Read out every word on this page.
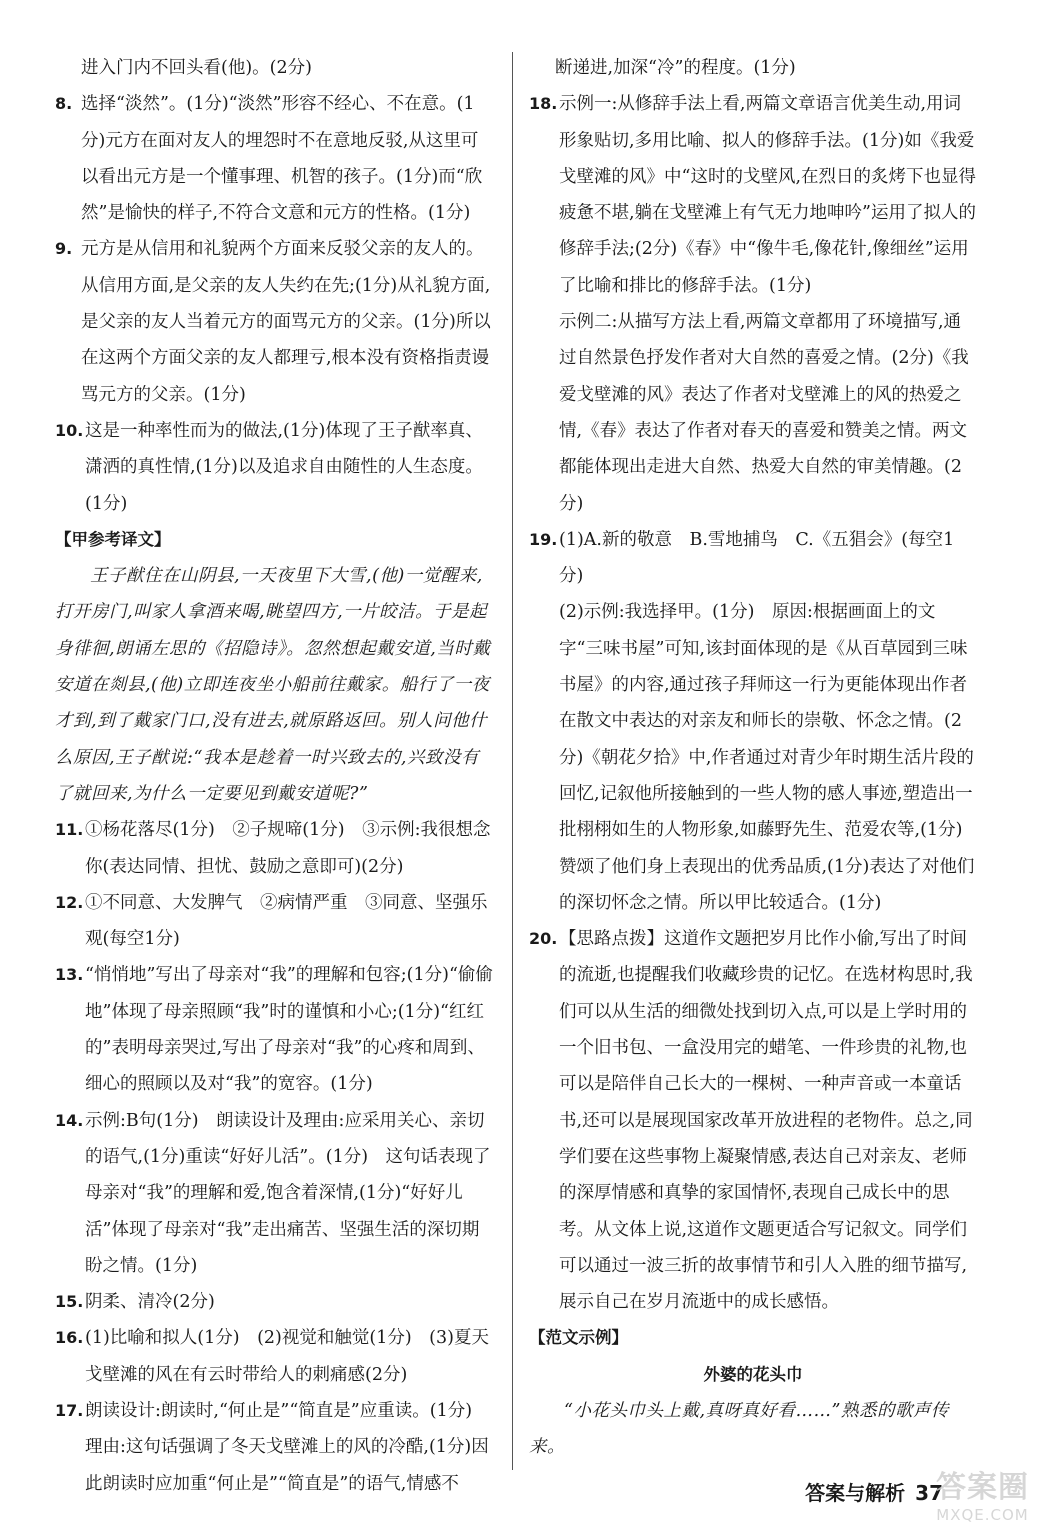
进入门内不回头看(他)。(2分)

8. 选择“淡然”。(1分)“淡然”形容不经心、不在意。(1分)元方在面对友人的埋怨时不在意地反驳,从这里可以看出元方是一个懂事理、机智的孩子。(1分)而“欣然”是愉快的样子,不符合文意和元方的性格。(1分)
9. 元方是从信用和礼貌两个方面来反驳父亲的友人的。从信用方面,是父亲的友人失约在先;(1分)从礼貌方面,是父亲的友人当着元方的面骂元方的父亲。(1分)所以在这两个方面父亲的友人都理亏,根本没有资格指责谩骂元方的父亲。(1分)
10. 这是一种率性而为的做法,(1分)体现了王子猷率真、潇洒的真性情,(1分)以及追求自由随性的人生态度。(1分)

【甲参考译文】

王子猷住在山阴县,一天夜里下大雪,(他)一觉醒来,打开房门,叫家人拿酒来喝,眺望四方,一片皎洁。于是起身徘徊,朗诵左思的《招隐诗》。忽然想起戴安道,当时戴安道在剡县,(他)立即连夜坐小船前往戴家。船行了一夜才到,到了戴家门口,没有进去,就原路返回。别人问他什么原因,王子猷说:“我本是趁着一时兴致去的,兴致没有了就回来,为什么一定要见到戴安道呢?”

11. ①杨花落尽(1分)　②子规啼(1分)　③示例:我很想念你(表达同情、担忧、鼓励之意即可)(2分)
12. ①不同意、大发脾气　②病情严重　③同意、坚强乐观(每空1分)
13. “悄悄地”写出了母亲对“我”的理解和包容;(1分)“偷偷地”体现了母亲照顾“我”时的谨慎和小心;(1分)“红红的”表明母亲哭过,写出了母亲对“我”的心疼和周到、细心的照顾以及对“我”的宽容。(1分)
14. 示例:B句(1分)　朗读设计及理由:应采用关心、亲切的语气,(1分)重读“好好儿活”。(1分)　这句话表现了母亲对“我”的理解和爱,饱含着深情,(1分)“好好儿活”体现了母亲对“我”走出痛苦、坚强生活的深切期盼之情。(1分)
15. 阴柔、清冷(2分)
16. (1)比喻和拟人(1分)　(2)视觉和触觉(1分)　(3)夏天戈壁滩的风在有云时带给人的刺痛感(2分)
17. 朗读设计:朗读时,“何止是”“简直是”应重读。(1分)
理由:这句话强调了冬天戈壁滩上的风的冷酷,(1分)因此朗读时应加重“何止是”“简直是”的语气,情感不

断递进,加深“冷”的程度。(1分)

18. 示例一:从修辞手法上看,两篇文章语言优美生动,用词形象贴切,多用比喻、拟人的修辞手法。(1分)如《我爱戈壁滩的风》中“这时的戈壁风,在烈日的炙烤下也显得疲惫不堪,躺在戈壁滩上有气无力地呻吟”运用了拟人的修辞手法;(2分)《春》中“像牛毛,像花针,像细丝”运用了比喻和排比的修辞手法。(1分)
示例二:从描写方法上看,两篇文章都用了环境描写,通过自然景色抒发作者对大自然的喜爱之情。(2分)《我爱戈壁滩的风》表达了作者对戈壁滩上的风的热爱之情,《春》表达了作者对春天的喜爱和赞美之情。两文都能体现出走进大自然、热爱大自然的审美情趣。(2分)
19. (1)A.新的敬意　B.雪地捕鸟　C.《五猖会》(每空1分)
(2)示例:我选择甲。(1分)　原因:根据画面上的文字“三味书屋”可知,该封面体现的是《从百草园到三味书屋》的内容,通过孩子拜师这一行为更能体现出作者在散文中表达的对亲友和师长的崇敬、怀念之情。(2分)《朝花夕拾》中,作者通过对青少年时期生活片段的回忆,记叙他所接触到的一些人物的感人事迹,塑造出一批栩栩如生的人物形象,如藤野先生、范爱农等,(1分)赞颂了他们身上表现出的优秀品质,(1分)表达了对他们的深切怀念之情。所以甲比较适合。(1分)
20. 【思路点拨】这道作文题把岁月比作小偷,写出了时间的流逝,也提醒我们收藏珍贵的记忆。在选材构思时,我们可以从生活的细微处找到切入点,可以是上学时用的一个旧书包、一盒没用完的蜡笔、一件珍贵的礼物,也可以是陪伴自己长大的一棵树、一种声音或一本童话书,还可以是展现国家改革开放进程的老物件。总之,同学们要在这些事物上凝聚情感,表达自己对亲友、老师的深厚情感和真挚的家国情怀,表现自己成长中的思考。从文体上说,这道作文题更适合写记叙文。同学们可以通过一波三折的故事情节和引人入胜的细节描写,展示自己在岁月流逝中的成长感悟。

【范文示例】

外婆的花头巾

“小花头巾头上戴,真呀真好看……”熟悉的歌声传来。

答案与解析 37
答案圈
MXQE.COM
